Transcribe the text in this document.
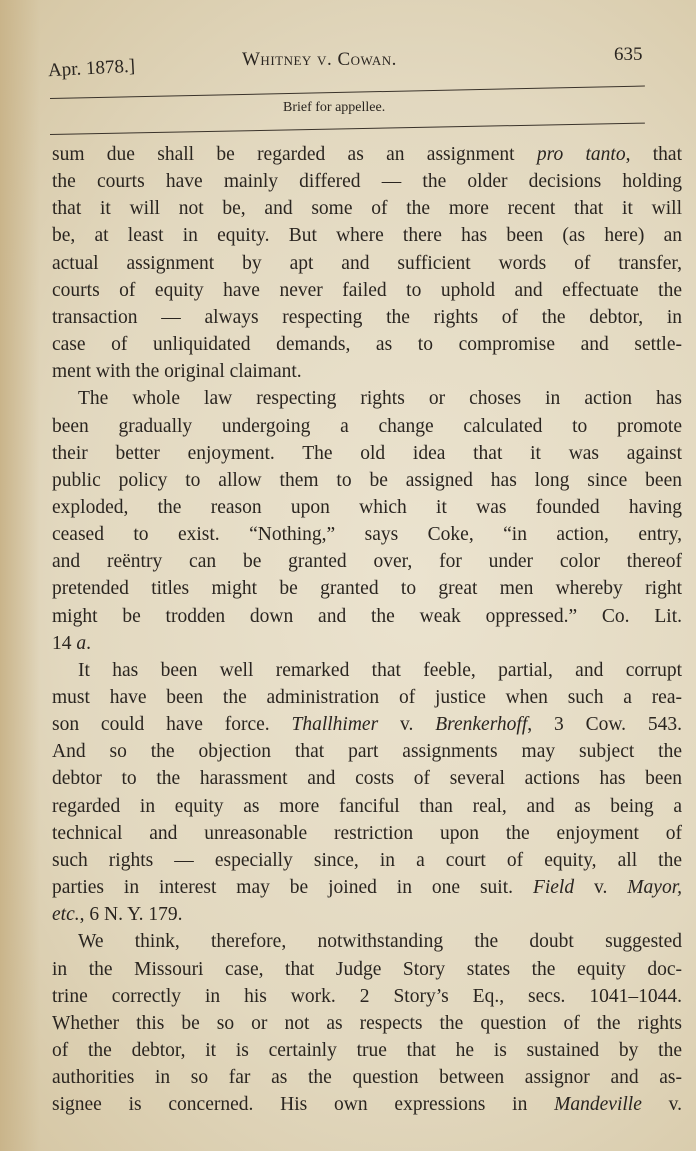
Apr. 1878.]	Whitney v. Cowan.	635
Brief for appellee.
sum due shall be regarded as an assignment pro tanto, that
the courts have mainly differed — the older decisions holding
that it will not be, and some of the more recent that it will
be, at least in equity. But where there has been (as here) an
actual assignment by apt and sufficient words of transfer,
courts of equity have never failed to uphold and effectuate the
transaction — always respecting the rights of the debtor, in
case of unliquidated demands, as to compromise and settle-
ment with the original claimant.
The whole law respecting rights or choses in action has
been gradually undergoing a change calculated to promote
their better enjoyment. The old idea that it was against
public policy to allow them to be assigned has long since been
exploded, the reason upon which it was founded having
ceased to exist. “Nothing,” says Coke, “in action, entry,
and reëntry can be granted over, for under color thereof
pretended titles might be granted to great men whereby right
might be trodden down and the weak oppressed.” Co. Lit.
14 a.
It has been well remarked that feeble, partial, and corrupt
must have been the administration of justice when such a rea-
son could have force. Thallhimer v. Brenkerhoff, 3 Cow. 543.
And so the objection that part assignments may subject the
debtor to the harassment and costs of several actions has been
regarded in equity as more fanciful than real, and as being a
technical and unreasonable restriction upon the enjoyment of
such rights — especially since, in a court of equity, all the
parties in interest may be joined in one suit. Field v. Mayor,
etc., 6 N. Y. 179.
We think, therefore, notwithstanding the doubt suggested
in the Missouri case, that Judge Story states the equity doc-
trine correctly in his work. 2 Story’s Eq., secs. 1041–1044.
Whether this be so or not as respects the question of the rights
of the debtor, it is certainly true that he is sustained by the
authorities in so far as the question between assignor and as-
signee is concerned. His own expressions in Mandeville v.
